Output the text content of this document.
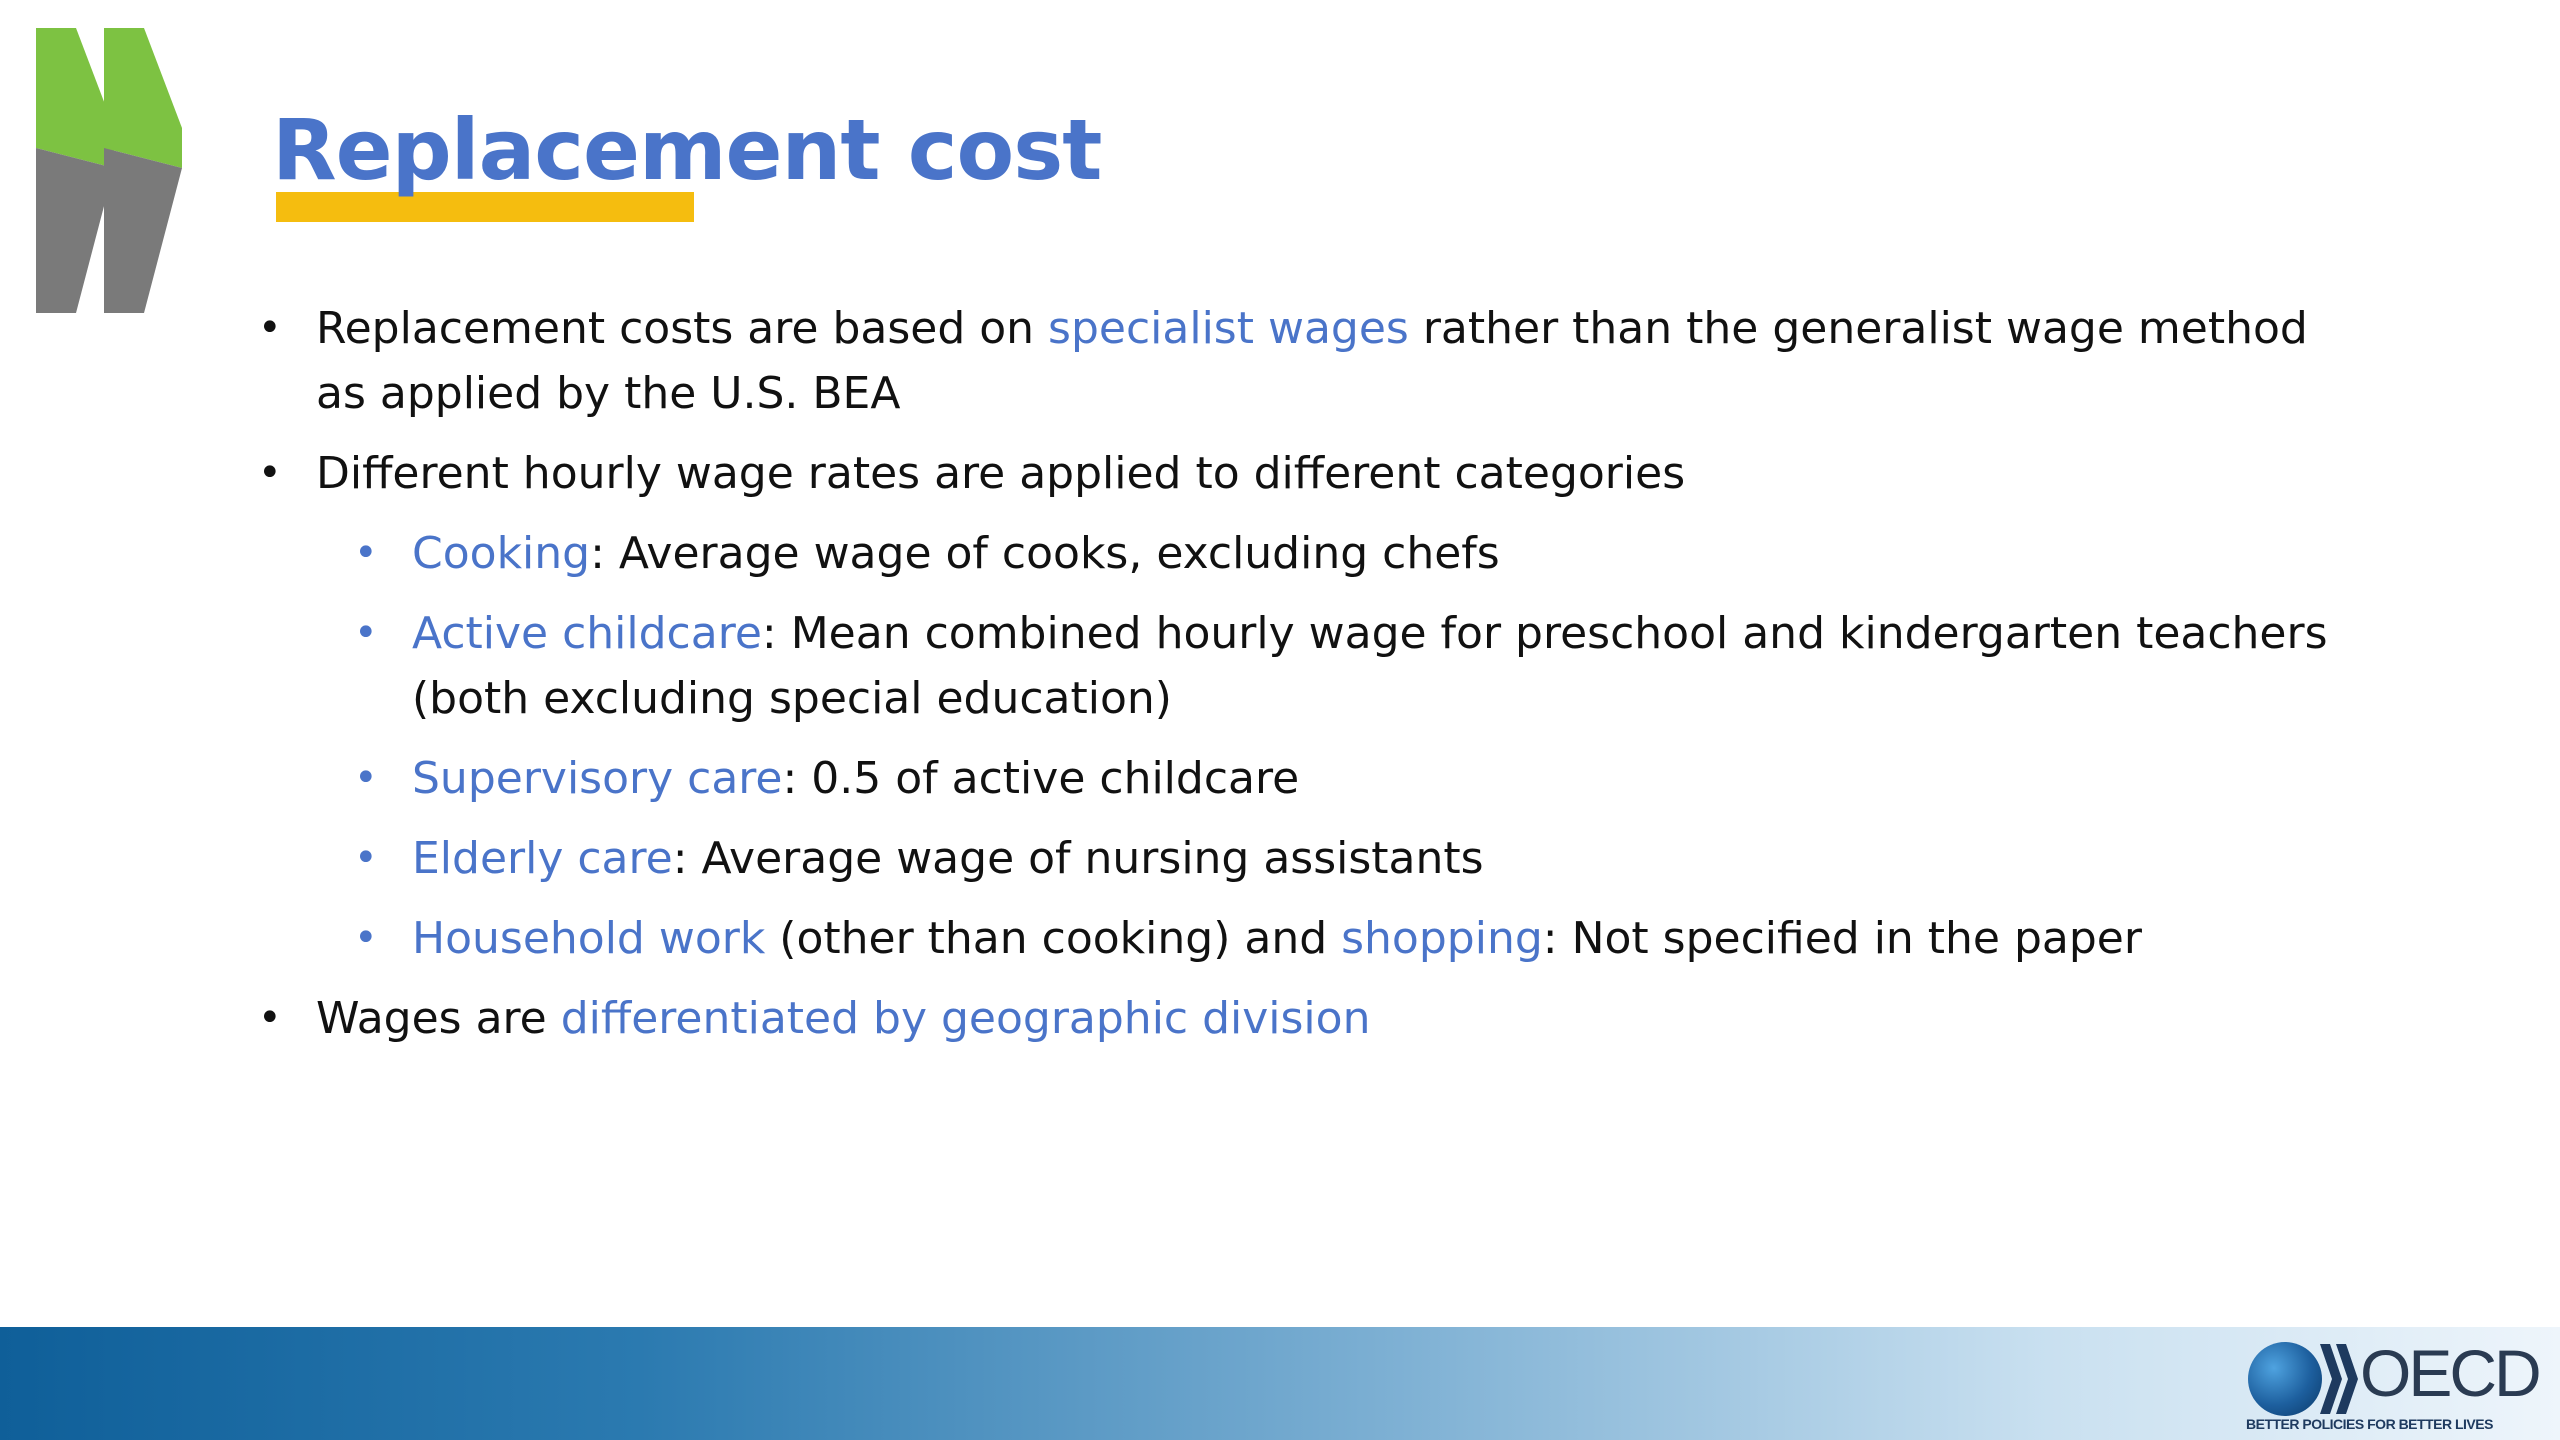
Replacement cost
• Replacement costs are based on specialist wages rather than the generalist wage method as applied by the U.S. BEA
• Different hourly wage rates are applied to different categories
• Cooking: Average wage of cooks, excluding chefs
• Active childcare: Mean combined hourly wage for preschool and kindergarten teachers (both excluding special education)
• Supervisory care: 0.5 of active childcare
• Elderly care: Average wage of nursing assistants
• Household work (other than cooking) and shopping: Not specified in the paper
• Wages are differentiated by geographic division
OECD
BETTER POLICIES FOR BETTER LIVES
